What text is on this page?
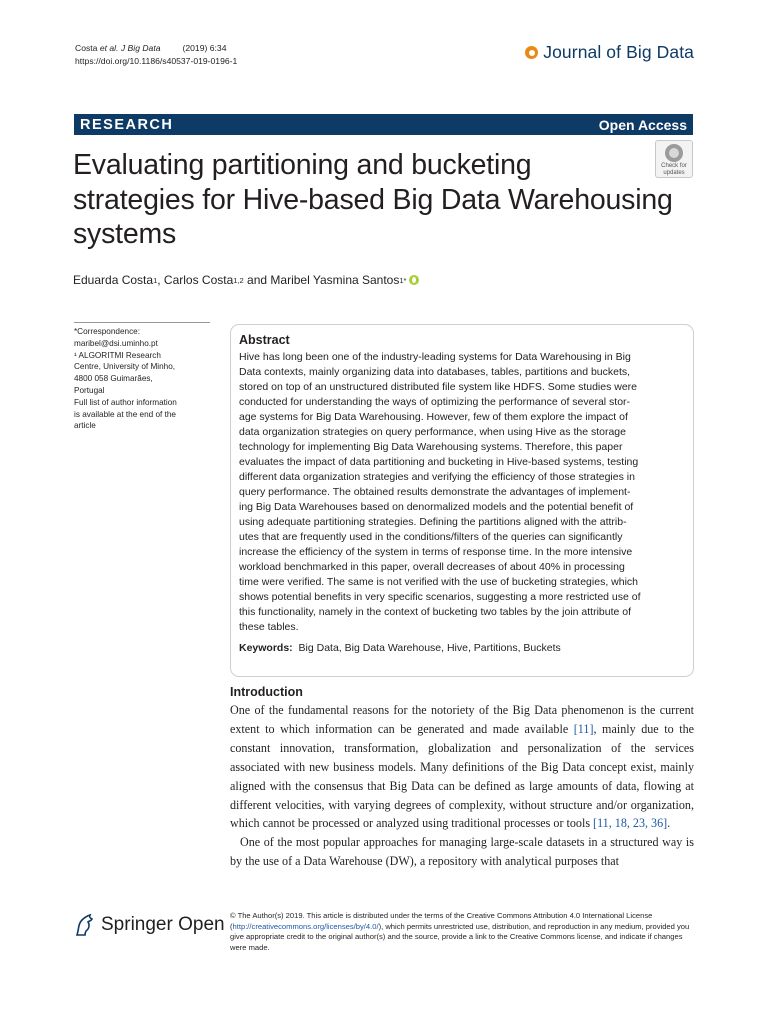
Costa et al. J Big Data	(2019) 6:34
https://doi.org/10.1186/s40537-019-0196-1	Journal of Big Data
RESEARCH	Open Access
Evaluating partitioning and bucketing
strategies for Hive-based Big Data Warehousing
systems
Check for
updates
Eduarda Costa 1 , Carlos Costa 1,2 and Maribel Yasmina Santos 1*
*Correspondence:
maribel@dsi.uminho.pt
¹ ALGORITMI Research
Centre, University of Minho,
4800 058 Guimarães,
Portugal
Full list of author information
is available at the end of the
article
Abstract
Hive has long been one of the industry-leading systems for Data Warehousing in Big
Data contexts, mainly organizing data into databases, tables, partitions and buckets,
stored on top of an unstructured distributed file system like HDFS. Some studies were
conducted for understanding the ways of optimizing the performance of several stor-
age systems for Big Data Warehousing. However, few of them explore the impact of
data organization strategies on query performance, when using Hive as the storage
technology for implementing Big Data Warehousing systems. Therefore, this paper
evaluates the impact of data partitioning and bucketing in Hive-based systems, testing
different data organization strategies and verifying the efficiency of those strategies in
query performance. The obtained results demonstrate the advantages of implement-
ing Big Data Warehouses based on denormalized models and the potential benefit of
using adequate partitioning strategies. Defining the partitions aligned with the attrib-
utes that are frequently used in the conditions/filters of the queries can significantly
increase the efficiency of the system in terms of response time. In the more intensive
workload benchmarked in this paper, overall decreases of about 40% in processing
time were verified. The same is not verified with the use of bucketing strategies, which
shows potential benefits in very specific scenarios, suggesting a more restricted use of
this functionality, namely in the context of bucketing two tables by the join attribute of
these tables.
Keywords: Big Data, Big Data Warehouse, Hive, Partitions, Buckets
Introduction

One of the fundamental reasons for the notoriety of the Big Data phenomenon is the current extent to which information can be generated and made available [11], mainly due to the constant innovation, transformation, globalization and personalization of the services associated with new business models. Many definitions of the Big Data concept exist, mainly aligned with the consensus that Big Data can be defined as large amounts of data, flowing at different velocities, with varying degrees of complexity, without structure and/or organization, which cannot be processed or analyzed using traditional processes or tools [11, 18, 23, 36].

One of the most popular approaches for managing large-scale datasets in a structured way is by the use of a Data Warehouse (DW), a repository with analytical purposes that

Springer Open © The Author(s) 2019. This article is distributed under the terms of the Creative Commons Attribution 4.0 International License (http://creativecommons.org/licenses/by/4.0/), which permits unrestricted use, distribution, and reproduction in any medium, provided you give appropriate credit to the original author(s) and the source, provide a link to the Creative Commons license, and indicate if changes were made.
